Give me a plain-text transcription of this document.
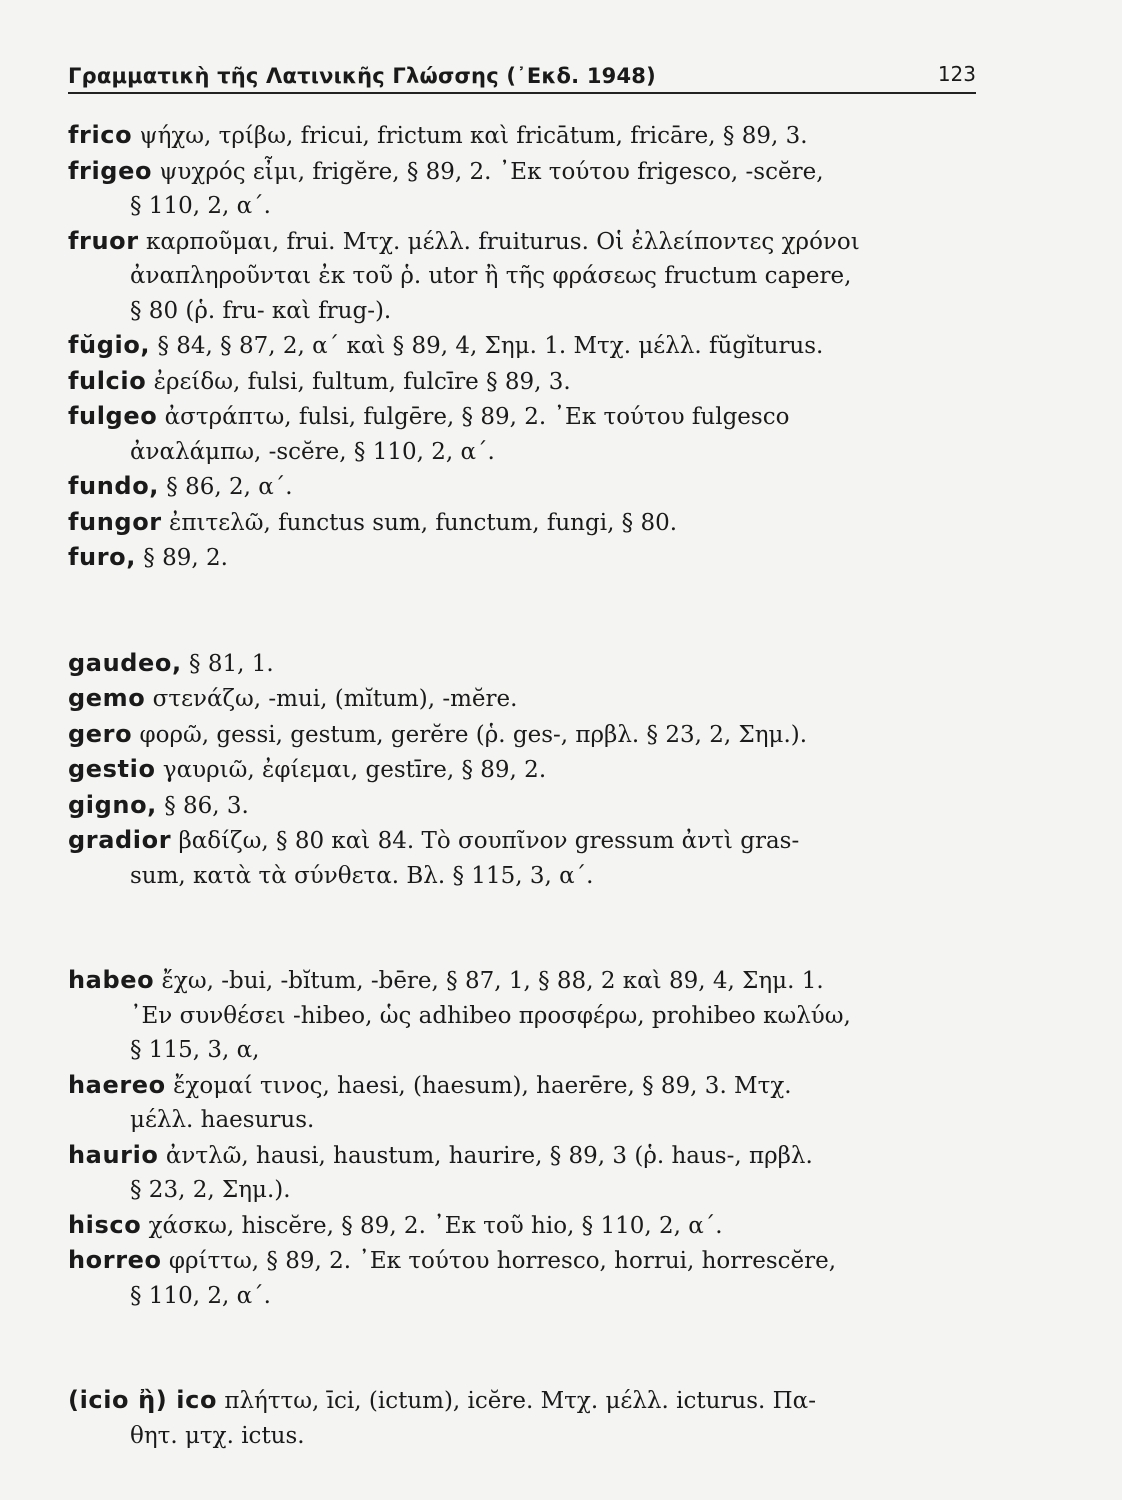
Γραμματικὴ τῆς Λατινικῆς Γλώσσης (᾿Εκδ. 1948)	123

frico ψήχω, τρίβω, fricui, frictum καὶ fricātum, fricāre, § 89, 3.

frigeo ψυχρός εἶμι, frigĕre, § 89, 2. ᾿Εκ τούτου frigesco, -scĕre,
§ 110, 2, α΄.

fruor καρποῦμαι, frui. Μτχ. μέλλ. fruiturus. Οἱ ἐλλείποντες χρόνοι
ἀναπληροῦνται ἐκ τοῦ ῥ. utor ἢ τῆς φράσεως fructum capere,
§ 80 (ῥ. fru- καὶ frug-).

fŭgio, § 84, § 87, 2, α΄ καὶ § 89, 4, Σημ. 1. Μτχ. μέλλ. fŭgĭturus.

fulcio ἐρείδω, fulsi, fultum, fulcīre § 89, 3.

fulgeo ἀστράπτω, fulsi, fulgēre, § 89, 2. ᾿Εκ τούτου fulgesco
ἀναλάμπω, -scĕre, § 110, 2, α΄.

fundo, § 86, 2, α΄.

fungor ἐπιτελῶ, functus sum, functum, fungi, § 80.

furo, § 89, 2.

gaudeo, § 81, 1.

gemo στενάζω, -mui, (mĭtum), -mĕre.

gero φορῶ, gessi, gestum, gerĕre (ῥ. ges-, πρβλ. § 23, 2, Σημ.).

gestio γαυριῶ, ἐφίεμαι, gestīre, § 89, 2.

gigno, § 86, 3.

gradior βαδίζω, § 80 καὶ 84. Τὸ σουπῖνον gressum ἀντὶ gras-
sum, κατὰ τὰ σύνθετα. Βλ. § 115, 3, α΄.

habeo ἔχω, -bui, -bĭtum, -bēre, § 87, 1, § 88, 2 καὶ 89, 4, Σημ. 1.
᾿Εν συνθέσει -hibeo, ὡς adhibeo προσφέρω, prohibeo κωλύω,
§ 115, 3, α,

haereo ἔχομαί τινος, haesi, (haesum), haerēre, § 89, 3. Μτχ.
μέλλ. haesurus.

haurio ἀντλῶ, hausi, haustum, haurire, § 89, 3 (ῥ. haus-, πρβλ.
§ 23, 2, Σημ.).

hisco χάσκω, hiscĕre, § 89, 2. ᾿Εκ τοῦ hio, § 110, 2, α΄.

horreo φρίττω, § 89, 2. ᾿Εκ τούτου horresco, horrui, horrescĕre,
§ 110, 2, α΄.

(icio ἢ) ico πλήττω, īci, (ictum), icĕre. Μτχ. μέλλ. icturus. Πα-
θητ. μτχ. ictus.
